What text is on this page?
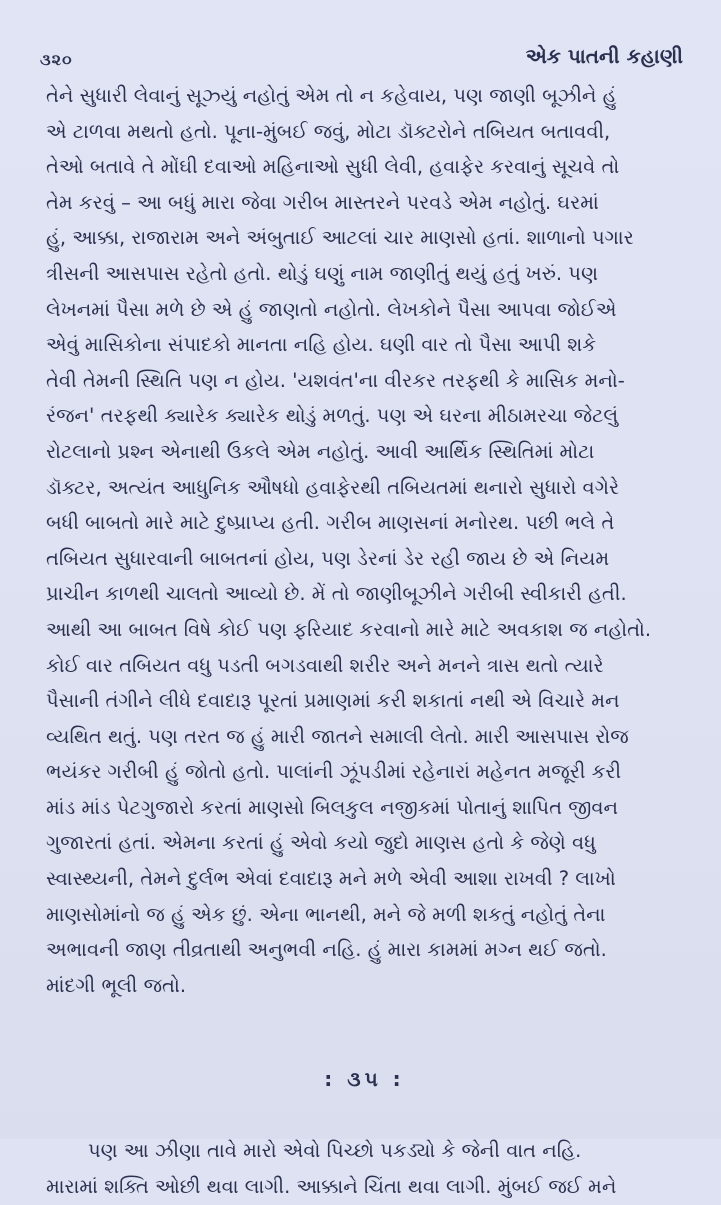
૩૨૦	એક પાતની કહાણી
તેને સુધારી લેવાનું સૂઝ્યું નહોતું એમ તો ન કહેવાય, પણ જાણી બૂઝીને હું
એ ટાળવા મથતો હતો. પૂના-મુંબઈ જવું, મોટા ડૉક્ટરોને તબિયત બતાવવી,
તેઓ બતાવે તે મોંઘી દવાઓ મહિનાઓ સુધી લેવી, હવાફેર કરવાનું સૂચવે તો
તેમ કરવું – આ બધું મારા જેવા ગરીબ માસ્તરને પરવડે એમ નહોતું. ઘરમાં
હું, આક્કા, રાજારામ અને અંબુતાઈ આટલાં ચાર માણસો હતાં. શાળાનો પગાર
ત્રીસની આસપાસ રહેતો હતો. થોડું ઘણું નામ જાણીતું થયું હતું ખરું. પણ
લેખનમાં પૈસા મળે છે એ હું જાણતો નહોતો. લેખકોને પૈસા આપવા જોઈએ
એવું માસિકોના સંપાદકો માનતા નહિ હોય. ઘણી વાર તો પૈસા આપી શકે
તેવી તેમની સ્થિતિ પણ ન હોય. 'યશવંત'ના વીરકર તરફથી કે માસિક મનો-
રંજન' તરફથી ક્યારેક ક્યારેક થોડું મળતું. પણ એ ઘરના મીઠામરચા જેટલું
રોટલાનો પ્રશ્ન એનાથી ઉકલે એમ નહોતું. આવી આર્થિક સ્થિતિમાં મોટા
ડૉક્ટર, અત્યંત આધુનિક ઔષધો હવાફેરથી તબિયતમાં થનારો સુધારો વગેરે
બધી બાબતો મારે માટે દુષ્પ્રાપ્ય હતી. ગરીબ માણસનાં મનોરથ. પછી ભલે તે
તબિયત સુધારવાની બાબતનાં હોય, પણ ડેરનાં ડેર રહી જાય છે એ નિયમ
પ્રાચીન કાળથી ચાલતો આવ્યો છે. મેં તો જાણીબૂઝીને ગરીબી સ્વીકારી હતી.
આથી આ બાબત વિષે કોઈ પણ ફરિયાદ કરવાનો મારે માટે અવકાશ જ નહોતો.
કોઈ વાર તબિયત વધુ પડતી બગડવાથી શરીર અને મનને ત્રાસ થતો ત્યારે
પૈસાની તંગીને લીધે દવાદારૂ પૂરતાં પ્રમાણમાં કરી શકાતાં નથી એ વિચારે મન
વ્યથિત થતું. પણ તરત જ હું મારી જાતને સમાલી લેતો. મારી આસપાસ રોજ
ભયંકર ગરીબી હું જોતો હતો. પાલાંની ઝૂંપડીમાં રહેનારાં મહેનત મજૂરી કરી
માંડ માંડ પેટગુજારો કરતાં માણસો બિલકુલ નજીકમાં પોતાનું શાપિત જીવન
ગુજારતાં હતાં. એમના કરતાં હું એવો કયો જુદો માણસ હતો કે જેણે વધુ
સ્વાસ્થ્યની, તેમને દુર્લભ એવાં દવાદારૂ મને મળે એવી આશા રાખવી ? લાખો
માણસોમાંનો જ હું એક છું. એના ભાનથી, મને જે મળી શકતું નહોતું તેના
અભાવની જાણ તીવ્રતાથી અનુભવી નહિ. હું મારા કામમાં મગ્ન થઈ જતો.
માંદગી ભૂલી જતો.
: ૩૫ :
પણ આ ઝીણા તાવે મારો એવો પિચ્છો પકડ્યો કે જેની વાત નહિ.
મારામાં શક્તિ ઓછી થવા લાગી. આક્કાને ચિંતા થવા લાગી. મુંબઈ જઈ મને
